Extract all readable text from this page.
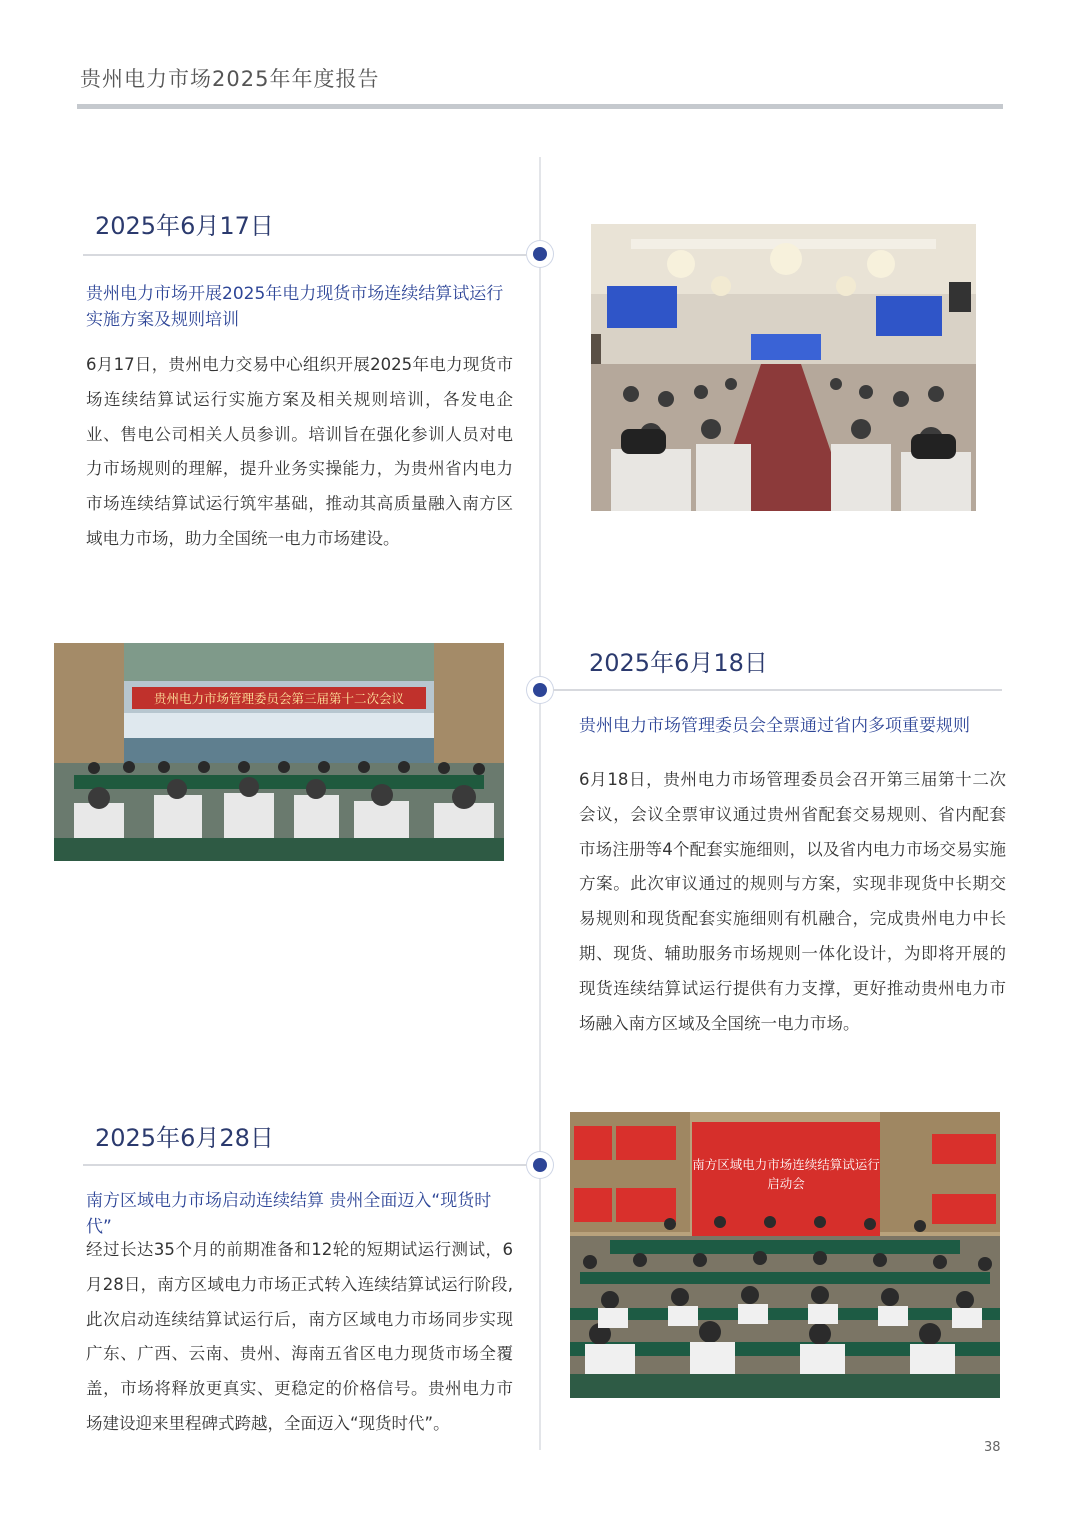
贵州电力市场2025年年度报告
2025年6月17日
贵州电力市场开展2025年电力现货市场连续结算试运行实施方案及规则培训
6月17日，贵州电力交易中心组织开展2025年电力现货市场连续结算试运行实施方案及相关规则培训，各发电企业、售电公司相关人员参训。培训旨在强化参训人员对电力市场规则的理解，提升业务实操能力，为贵州省内电力市场连续结算试运行筑牢基础，推动其高质量融入南方区域电力市场，助力全国统一电力市场建设。
贵州电力市场管理委员会第三届第十二次会议
2025年6月18日
贵州电力市场管理委员会全票通过省内多项重要规则
6月18日，贵州电力市场管理委员会召开第三届第十二次会议，会议全票审议通过贵州省配套交易规则、省内配套市场注册等4个配套实施细则，以及省内电力市场交易实施方案。此次审议通过的规则与方案，实现非现货中长期交易规则和现货配套实施细则有机融合，完成贵州电力中长期、现货、辅助服务市场规则一体化设计，为即将开展的现货连续结算试运行提供有力支撑，更好推动贵州电力市场融入南方区域及全国统一电力市场。
2025年6月28日
南方区域电力市场启动连续结算 贵州全面迈入“现货时代”
经过长达35个月的前期准备和12轮的短期试运行测试，6月28日，南方区域电力市场正式转入连续结算试运行阶段,此次启动连续结算试运行后，南方区域电力市场同步实现广东、广西、云南、贵州、海南五省区电力现货市场全覆盖，市场将释放更真实、更稳定的价格信号。贵州电力市场建设迎来里程碑式跨越，全面迈入“现货时代”。
南方区域电力市场连续结算试运行
启动会
38
